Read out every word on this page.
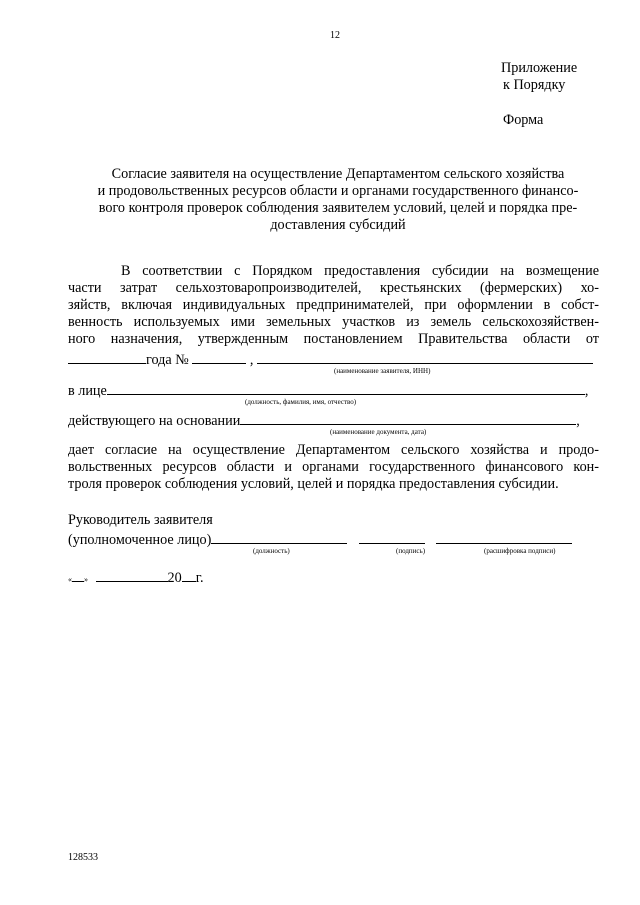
12
Приложение
к Порядку
Форма
Согласие заявителя на осуществление Департаментом сельского хозяйства
и продовольственных ресурсов области и органами государственного финансо-
вого контроля проверок соблюдения заявителем условий, целей и порядка пре-
доставления субсидий
В соответствии с Порядком предоставления субсидии на возмещение
части затрат сельхозтоваропроизводителей, крестьянских (фермерских) хо-
зяйств, включая индивидуальных предпринимателей, при оформлении в собст-
венность используемых ими земельных участков из земель сельскохозяйствен-
ного назначения, утвержденным постановлением Правительства области от
года №	,
(наименование заявителя, ИНН)
в лице	,
(должность, фамилия, имя, отчество)
действующего на основании	,
(наименование документа, дата)
дает согласие на осуществление Департаментом сельского хозяйства и продо-
вольственных ресурсов области и органами государственного финансового кон-
троля проверок соблюдения условий, целей и порядка предоставления субсидии.
Руководитель заявителя
(уполномоченное лицо)
(должность)	(подпись)	(расшифровка подписи)
« »	20 г.
128533
